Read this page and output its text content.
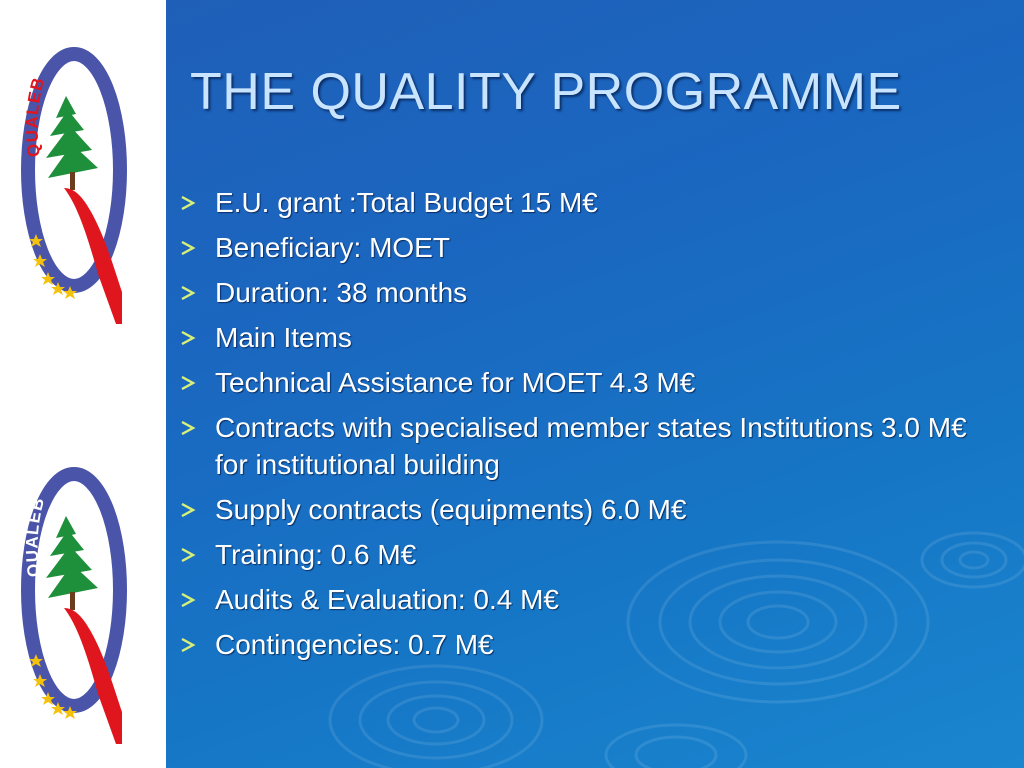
QUALEB
QUALEB
THE QUALITY PROGRAMME
E.U. grant :Total Budget 15 M€
Beneficiary: MOET
Duration: 38 months
Main Items
Technical Assistance for MOET 4.3 M€
Contracts with specialised member states Institutions 3.0 M€ for institutional building
Supply contracts (equipments) 6.0 M€
Training: 0.6 M€
Audits & Evaluation: 0.4 M€
Contingencies: 0.7 M€
